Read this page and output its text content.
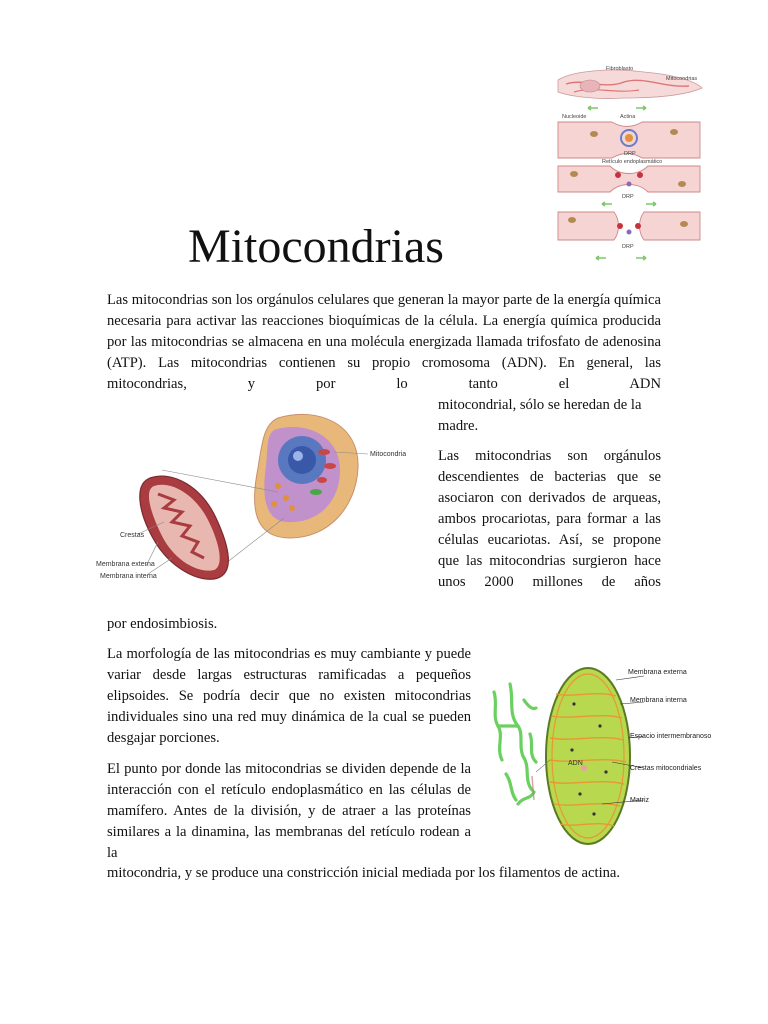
Fibroblasto
Mitocondrias
Nucleoide	Actina
DRP
Retículo endoplasmático
DRP
DRP
Mitocondrias

Las mitocondrias son los orgánulos celulares que generan la mayor parte de la energía química necesaria para activar las reacciones bioquímicas de la célula. La energía química producida por las mitocondrias se almacena en una molécula energizada llamada trifosfato de adenosina (ATP). Las mitocondrias contienen su propio cromosoma (ADN). En general, las mitocondrias, y por lo tanto el ADN

Mitocondria
Crestas
Membrana externa
Membrana interna

mitocondrial, sólo se heredan de la madre.

Las mitocondrias son orgánulos descendientes de bacterias que se asociaron con derivados de arqueas, ambos procariotas, para formar a las células eucariotas. Así, se propone que las mitocondrias surgieron hace unos 2000 millones de años

por endosimbiosis.

La morfología de las mitocondrias es muy cambiante y puede variar desde largas estructuras ramificadas a pequeños elipsoides. Se podría decir que no existen mitocondrias individuales sino una red muy dinámica de la cual se pueden desgajar porciones.

El punto por donde las mitocondrias se dividen depende de la interacción con el retículo endoplasmático en las células de mamífero. Antes de la división, y de atraer a las proteínas similares a la dinamina, las membranas del retículo rodean a la

mitocondria, y se produce una constricción inicial mediada por los filamentos de actina.

ADN
Membrana externa
Membrana interna
Espacio intermembranoso
Crestas mitocondriales
Matriz
